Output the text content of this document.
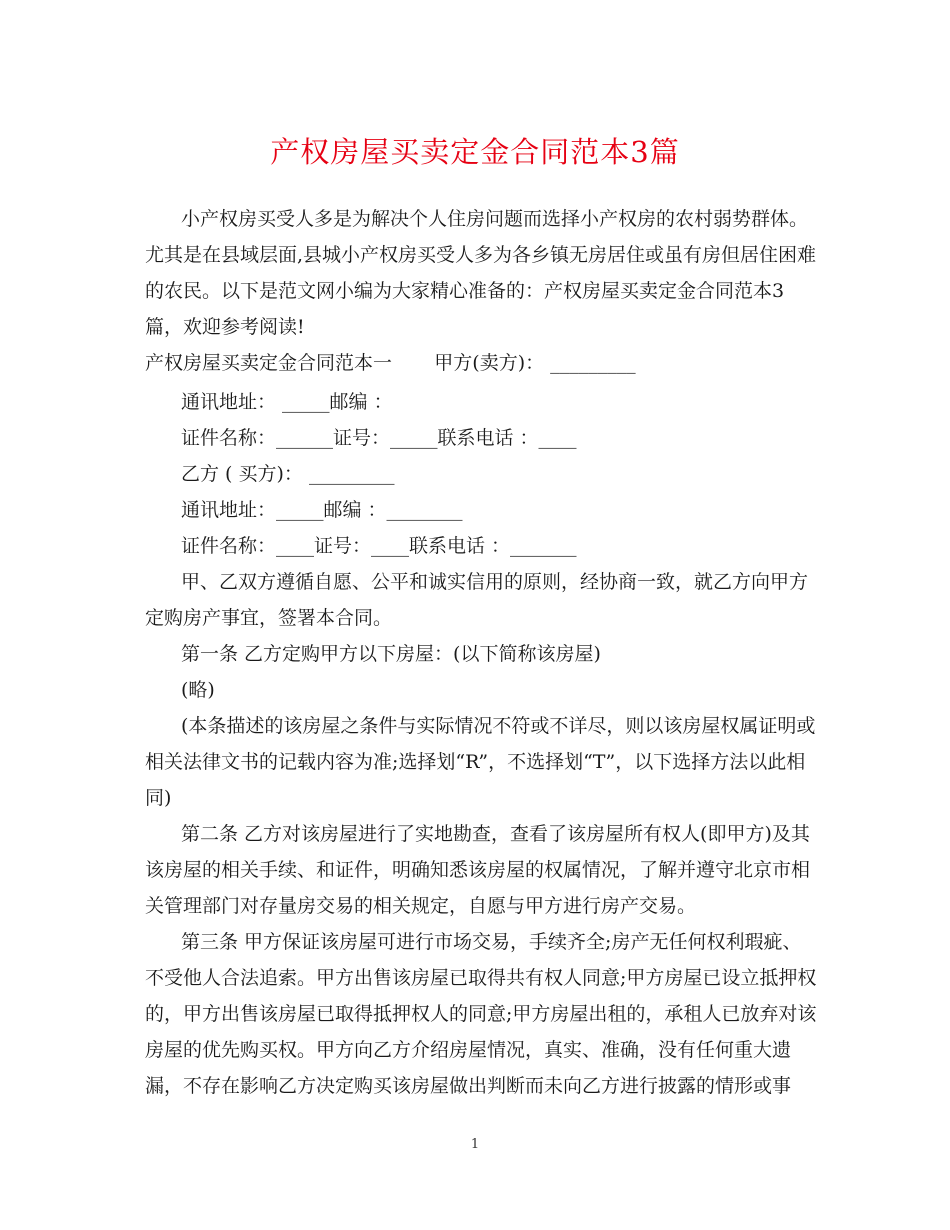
产权房屋买卖定金合同范本3篇
小产权房买受人多是为解决个人住房问题而选择小产权房的农村弱势群体。
尤其是在县域层面,县城小产权房买受人多为各乡镇无房居住或虽有房但居住困难
的农民。以下是范文网小编为大家精心准备的：产权房屋买卖定金合同范本3
篇，欢迎参考阅读!
产权房屋买卖定金合同范本一       甲方(卖方)： _________
通讯地址： _____邮编 ：
证件名称：______证号：_____联系电话 ：____
乙方 ( 买方)： _________
通讯地址：_____邮编 ：________
证件名称：____证号：____联系电话 ：_______
甲、乙双方遵循自愿、公平和诚实信用的原则，经协商一致，就乙方向甲方
定购房产事宜，签署本合同。
第一条 乙方定购甲方以下房屋：(以下简称该房屋)
(略)
(本条描述的该房屋之条件与实际情况不符或不详尽，则以该房屋权属证明或
相关法律文书的记载内容为准;选择划“R”，不选择划“T”，以下选择方法以此相
同)
第二条 乙方对该房屋进行了实地勘查，查看了该房屋所有权人(即甲方)及其
该房屋的相关手续、和证件，明确知悉该房屋的权属情况，了解并遵守北京市相
关管理部门对存量房交易的相关规定，自愿与甲方进行房产交易。
第三条 甲方保证该房屋可进行市场交易，手续齐全;房产无任何权利瑕疵、
不受他人合法追索。甲方出售该房屋已取得共有权人同意;甲方房屋已设立抵押权
的，甲方出售该房屋已取得抵押权人的同意;甲方房屋出租的，承租人已放弃对该
房屋的优先购买权。甲方向乙方介绍房屋情况，真实、准确，没有任何重大遗
漏，不存在影响乙方决定购买该房屋做出判断而未向乙方进行披露的情形或事
1
